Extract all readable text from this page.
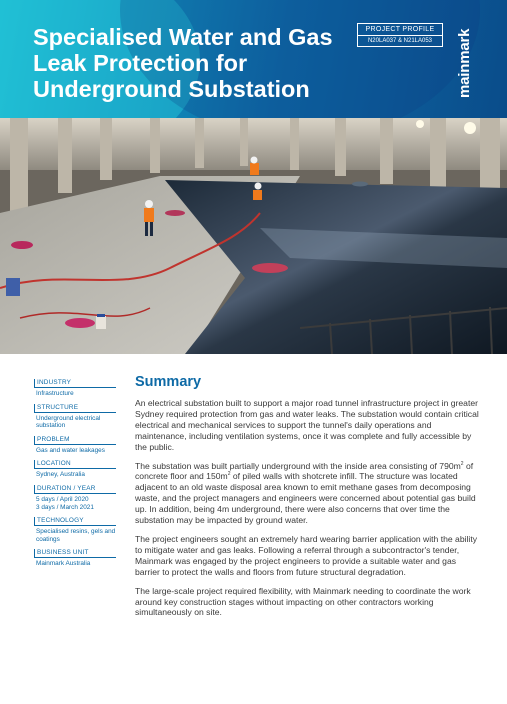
Specialised Water and Gas Leak Protection for Underground Substation
PROJECT PROFILE
N20LA037 & N21LA053	mainmark
INDUSTRY
Infrastructure
STRUCTURE
Underground electrical substation
PROBLEM
Gas and water leakages
LOCATION
Sydney, Australia
DURATION / YEAR
5 days / April 2020
3 days / March 2021
TECHNOLOGY
Specialised resins, gels and coatings
BUSINESS UNIT
Mainmark Australia
Summary

An electrical substation built to support a major road tunnel infrastructure project in greater Sydney required protection from gas and water leaks. The substation would contain critical electrical and mechanical services to support the tunnel's daily operations and maintenance, including ventilation systems, once it was complete and fully accessible by the public.

The substation was built partially underground with the inside area consisting of $790m^2$ of concrete floor and $150m^2$ of piled walls with shotcrete infill. The structure was located adjacent to an old waste disposal area known to emit methane gases from decomposing waste, and the project managers and engineers were concerned about potential gas build up. In addition, being 4m underground, there were also concerns that over time the substation may be impacted by ground water.

The project engineers sought an extremely hard wearing barrier application with the ability to mitigate water and gas leaks. Following a referral through a subcontractor's tender, Mainmark was engaged by the project engineers to provide a suitable water and gas barrier to protect the walls and floors from future structural degradation.

The large-scale project required flexibility, with Mainmark needing to coordinate the work around key construction stages without impacting on other contractors working simultaneously on site.
